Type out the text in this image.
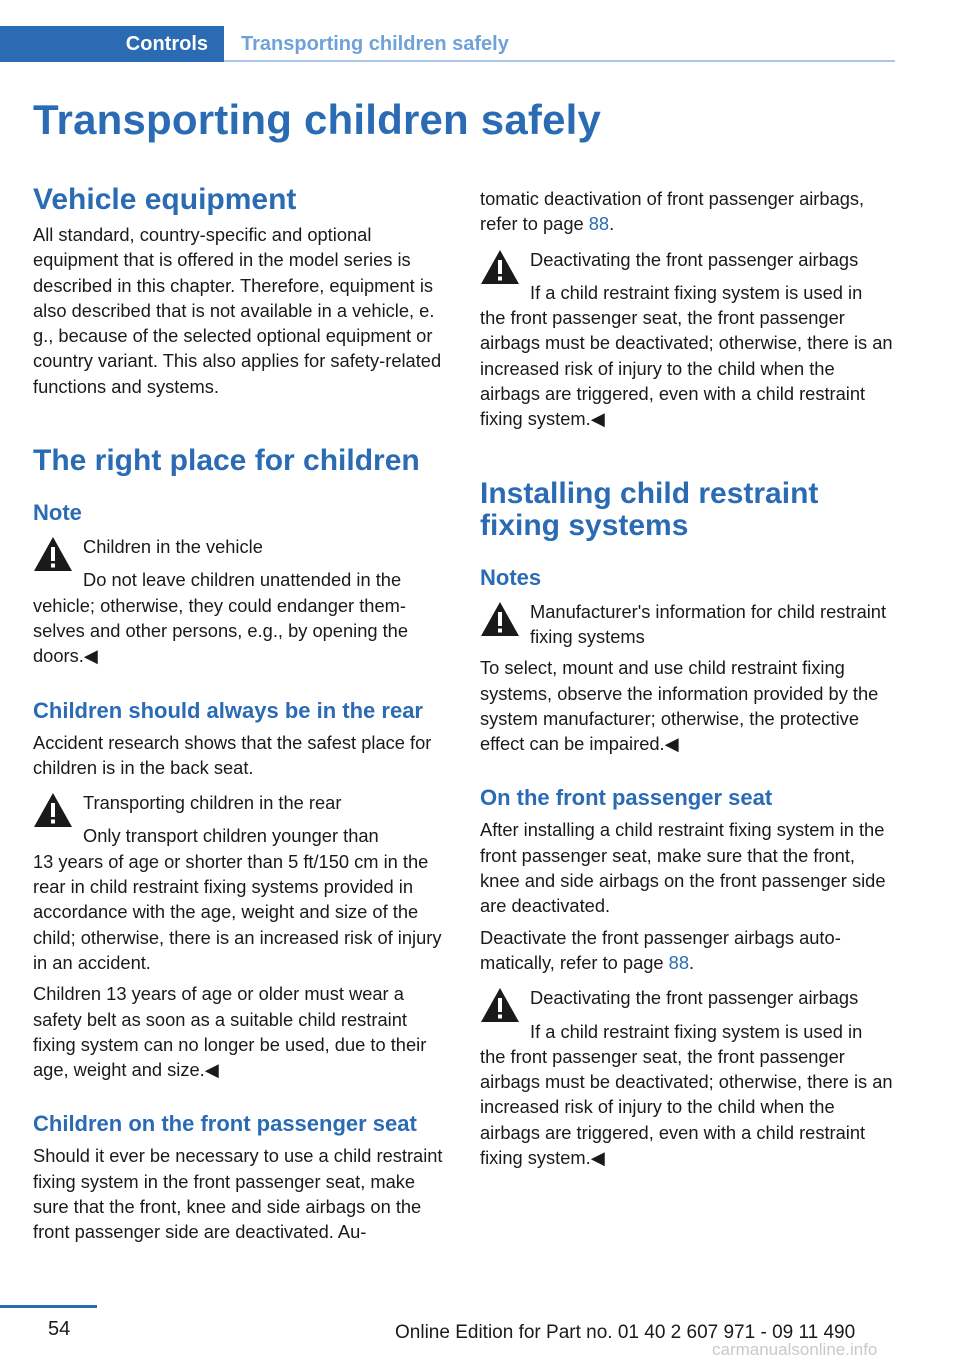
Controls	Transporting children safely
Transporting children safely
Vehicle equipment

All standard, country-specific and optional equipment that is offered in the model series is described in this chapter. Therefore, equipment is also described that is not available in a vehicle, e. g., because of the selected optional equipment or country variant. This also applies for safety-related functions and systems.

The right place for children
Note

Children in the vehicle

Do not leave children unattended in the

vehicle; otherwise, they could endanger themselves and other persons, e.g., by opening the doors.◀

Children should always be in the rear

Accident research shows that the safest place for children is in the back seat.

Transporting children in the rear

Only transport children younger than

13 years of age or shorter than 5 ft/150 cm in the rear in child restraint fixing systems provided in accordance with the age, weight and size of the child; otherwise, there is an increased risk of injury in an accident.

Children 13 years of age or older must wear a safety belt as soon as a suitable child restraint fixing system can no longer be used, due to their age, weight and size.◀

Children on the front passenger seat

Should it ever be necessary to use a child restraint fixing system in the front passenger seat, make sure that the front, knee and side airbags on the front passenger side are deactivated. Au-

tomatic deactivation of front passenger airbags, refer to page 88.

Deactivating the front passenger airbags

If a child restraint fixing system is used in

the front passenger seat, the front passenger airbags must be deactivated; otherwise, there is an increased risk of injury to the child when the airbags are triggered, even with a child restraint fixing system.◀

Installing child restraint fixing systems
Notes

Manufacturer's information for child restraint fixing systems

To select, mount and use child restraint fixing systems, observe the information provided by the system manufacturer; otherwise, the protective effect can be impaired.◀

On the front passenger seat

After installing a child restraint fixing system in the front passenger seat, make sure that the front, knee and side airbags on the front passenger side are deactivated.

Deactivate the front passenger airbags automatically, refer to page 88.

Deactivating the front passenger airbags

If a child restraint fixing system is used in

the front passenger seat, the front passenger airbags must be deactivated; otherwise, there is an increased risk of injury to the child when the airbags are triggered, even with a child restraint fixing system.◀

54	Online Edition for Part no. 01 40 2 607 971 - 09 11 490
carmanualsonline.info
